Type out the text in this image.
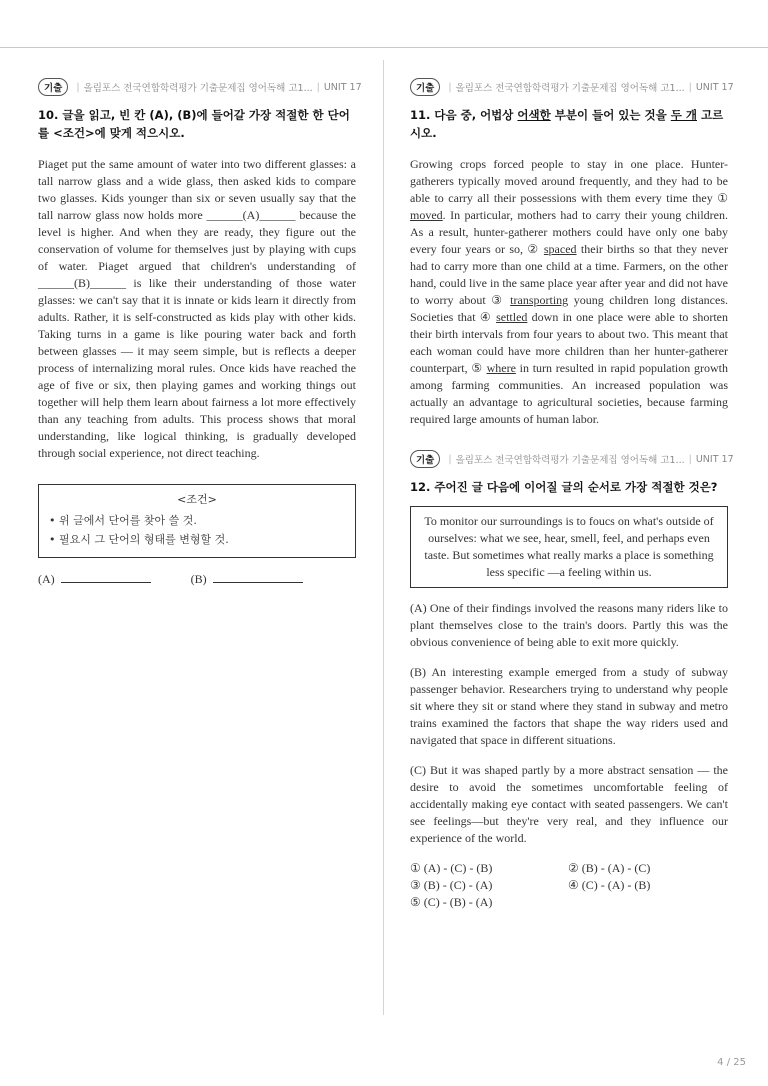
기출	| 올림포스 전국연합학력평가 기출문제집 영어독해 고1... | UNIT 17

10. 글을 읽고, 빈 칸 (A), (B)에 들어갈 가장 적절한 한 단어를 <조건>에 맞게 적으시오.

Piaget put the same amount of water into two different glasses: a tall narrow glass and a wide glass, then asked kids to compare two glasses. Kids younger than six or seven usually say that the tall narrow glass now holds more ______(A)______ because the level is higher. And when they are ready, they figure out the conservation of volume for themselves just by playing with cups of water. Piaget argued that children's understanding of ______(B)______ is like their understanding of those water glasses: we can't say that it is innate or kids learn it directly from adults. Rather, it is self-constructed as kids play with other kids. Taking turns in a game is like pouring water back and forth between glasses — it may seem simple, but is reflects a deeper process of internalizing moral rules. Once kids have reached the age of five or six, then playing games and working things out together will help them learn about fairness a lot more effectively than any teaching from adults. This process shows that moral understanding, like logical thinking, is gradually developed through social experience, not direct teaching.

<조건>
• 위 글에서 단어를 찾아 쓸 것.
• 필요시 그 단어의 형태를 변형할 것.
(A)	(B)
기출	| 올림포스 전국연합학력평가 기출문제집 영어독해 고1... | UNIT 17

11. 다음 중, 어법상 어색한 부분이 들어 있는 것을 두 개 고르시오.

Growing crops forced people to stay in one place. Hunter-gatherers typically moved around frequently, and they had to be able to carry all their possessions with them every time they ① moved. In particular, mothers had to carry their young children. As a result, hunter-gatherer mothers could have only one baby every four years or so, ② spaced their births so that they never had to carry more than one child at a time. Farmers, on the other hand, could live in the same place year after year and did not have to worry about ③ transporting young children long distances. Societies that ④ settled down in one place were able to shorten their birth intervals from four years to about two. This meant that each woman could have more children than her hunter-gatherer counterpart, ⑤ where in turn resulted in rapid population growth among farming communities. An increased population was actually an advantage to agricultural societies, because farming required large amounts of human labor.

기출	| 올림포스 전국연합학력평가 기출문제집 영어독해 고1... | UNIT 17

12. 주어진 글 다음에 이어질 글의 순서로 가장 적절한 것은?

To monitor our surroundings is to foucs on what's outside of ourselves: what we see, hear, smell, feel, and perhaps even taste. But sometimes what really marks a place is something less specific —a feeling within us.

(A) One of their findings involved the reasons many riders like to plant themselves close to the train's doors. Partly this was the obvious convenience of being able to exit more quickly.

(B) An interesting example emerged from a study of subway passenger behavior. Researchers trying to understand why people sit where they sit or stand where they stand in subway and metro trains examined the factors that shape the way riders used and navigated that space in different situations.

(C) But it was shaped partly by a more abstract sensation — the desire to avoid the sometimes uncomfortable feeling of accidentally making eye contact with seated passengers. We can't see feelings—but they're very real, and they influence our experience of the world.

① (A) - (C) - (B)	② (B) - (A) - (C)
③ (B) - (C) - (A)	④ (C) - (A) - (B)
⑤ (C) - (B) - (A)
4 / 25
